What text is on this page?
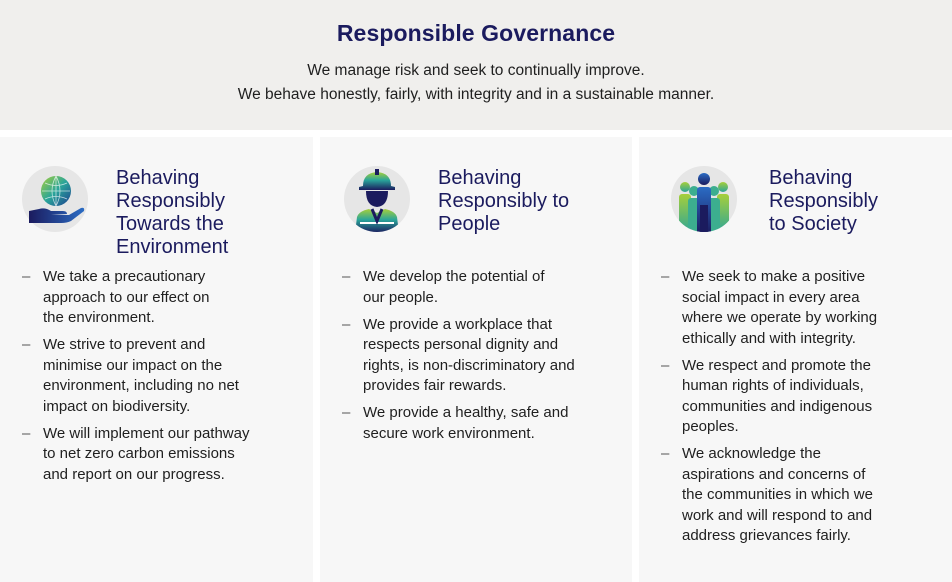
Responsible Governance
We manage risk and seek to continually improve.
We behave honestly, fairly, with integrity and in a sustainable manner.
Behaving
Responsibly
Towards the
Environment
– We take a precautionary
approach to our effect on
the environment.
– We strive to prevent and
minimise our impact on the
environment, including no net
impact on biodiversity.
– We will implement our pathway
to net zero carbon emissions
and report on our progress.
Behaving
Responsibly to
People
– We develop the potential of
our people.
– We provide a workplace that
respects personal dignity and
rights, is non-discriminatory and
provides fair rewards.
– We provide a healthy, safe and
secure work environment.
Behaving
Responsibly
to Society
– We seek to make a positive
social impact in every area
where we operate by working
ethically and with integrity.
– We respect and promote the
human rights of individuals,
communities and indigenous
peoples.
– We acknowledge the
aspirations and concerns of
the communities in which we
work and will respond to and
address grievances fairly.
